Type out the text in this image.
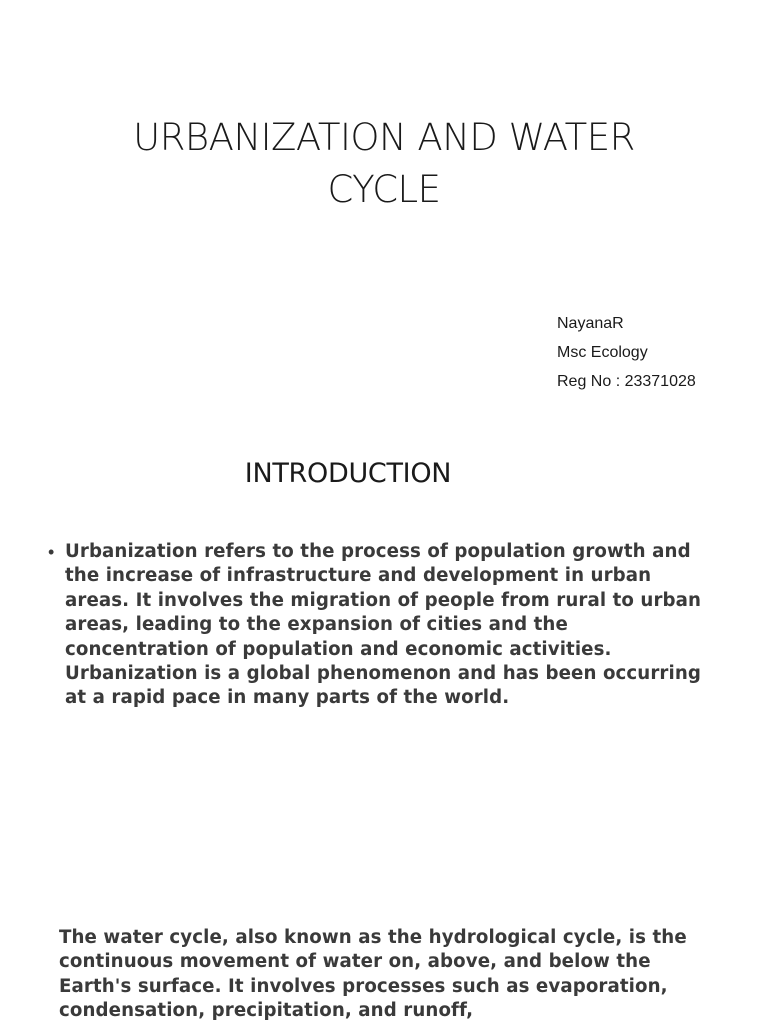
URBANIZATION AND WATER CYCLE
NayanaR
Msc Ecology
Reg No : 23371028
INTRODUCTION
• Urbanization refers to the process of population growth and the increase of infrastructure and development in urban areas. It involves the migration of people from rural to urban areas, leading to the expansion of cities and the concentration of population and economic activities. Urbanization is a global phenomenon and has been occurring at a rapid pace in many parts of the world.
The water cycle, also known as the hydrological cycle, is the continuous movement of water on, above, and below the Earth's surface. It involves processes such as evaporation, condensation, precipitation, and runoff,
